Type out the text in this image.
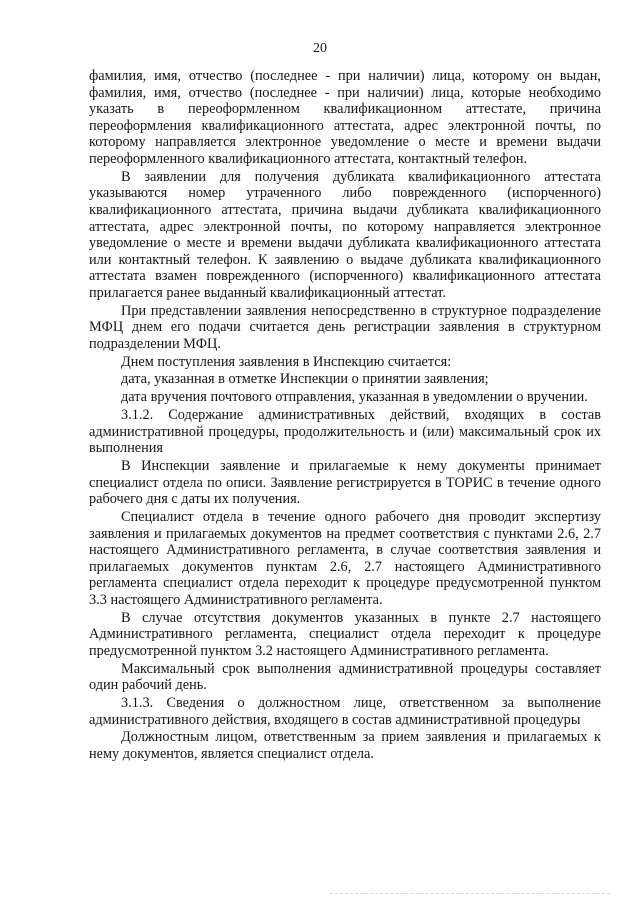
20

фамилия, имя, отчество (последнее - при наличии) лица, которому он выдан, фамилия, имя, отчество (последнее - при наличии) лица, которые необходимо указать в переоформленном квалификационном аттестате, причина переоформления квалификационного аттестата, адрес электронной почты, по которому направляется электронное уведомление о месте и времени выдачи переоформленного квалификационного аттестата, контактный телефон.

В заявлении для получения дубликата квалификационного аттестата указываются номер утраченного либо поврежденного (испорченного) квалификационного аттестата, причина выдачи дубликата квалификационного аттестата, адрес электронной почты, по которому направляется электронное уведомление о месте и времени выдачи дубликата квалификационного аттестата или контактный телефон. К заявлению о выдаче дубликата квалификационного аттестата взамен поврежденного (испорченного) квалификационного аттестата прилагается ранее выданный квалификационный аттестат.

При представлении заявления непосредственно в структурное подразделение МФЦ днем его подачи считается день регистрации заявления в структурном подразделении МФЦ.

Днем поступления заявления в Инспекцию считается:

дата, указанная в отметке Инспекции о принятии заявления;

дата вручения почтового отправления, указанная в уведомлении о вручении.

3.1.2. Содержание административных действий, входящих в состав административной процедуры, продолжительность и (или) максимальный срок их выполнения

В Инспекции заявление и прилагаемые к нему документы принимает специалист отдела по описи. Заявление регистрируется в ТОРИС в течение одного рабочего дня с даты их получения.

Специалист отдела в течение одного рабочего дня проводит экспертизу заявления и прилагаемых документов на предмет соответствия с пунктами 2.6, 2.7 настоящего Административного регламента, в случае соответствия заявления и прилагаемых документов пунктам 2.6, 2.7 настоящего Административного регламента специалист отдела переходит к процедуре предусмотренной пунктом 3.3 настоящего Административного регламента.

В случае отсутствия документов указанных в пункте 2.7 настоящего Административного регламента, специалист отдела переходит к процедуре предусмотренной пунктом 3.2 настоящего Административного регламента.

Максимальный срок выполнения административной процедуры составляет один рабочий день.

3.1.3. Сведения о должностном лице, ответственном за выполнение административного действия, входящего в состав административной процедуры

Должностным лицом, ответственным за прием заявления и прилагаемых к нему документов, является специалист отдела.
